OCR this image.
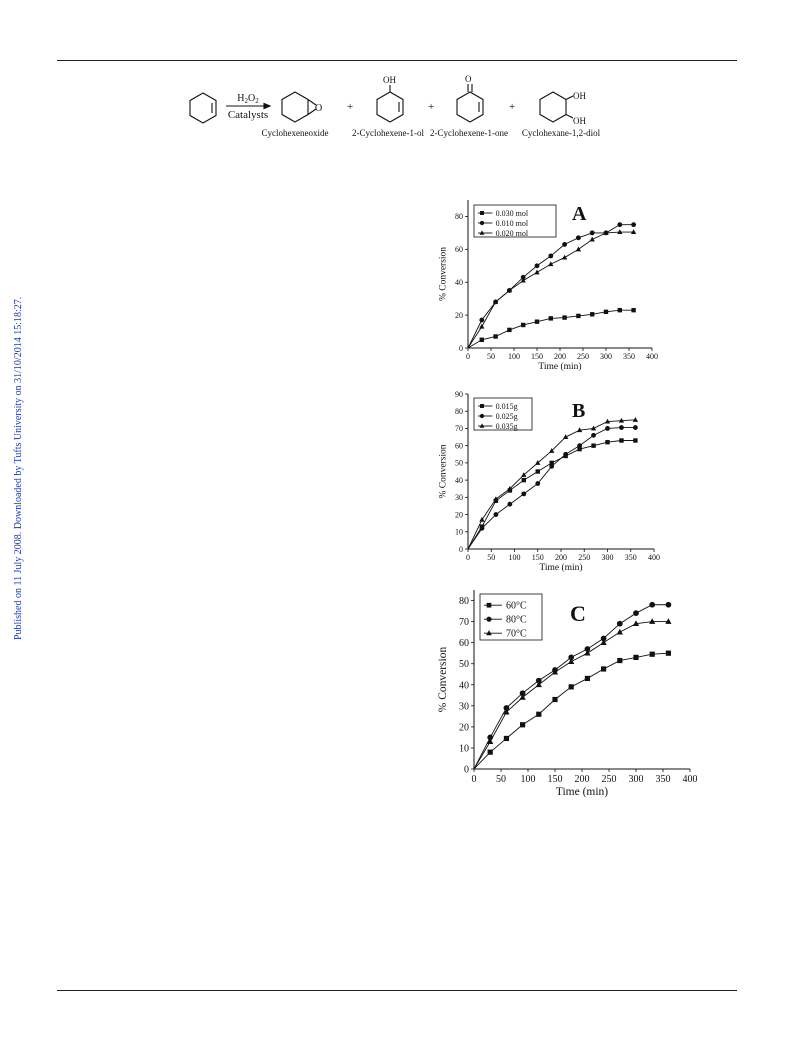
Published on 11 July 2008. Downloaded by Tufts University on 31/10/2014 15:18:27.
$H_2O_2$
Catalysts
O
OH	O
OH
OH
+	+	+
Cyclohexeneoxide	2-Cyclohexene-1-ol 2-Cyclohexene-1-one Cyclohexane-1,2-diol
0 50 100 150 200 250 300 350 400
0
20
40
60
80
Time (min)
% Conversion
A
0.030 mol
0.010 mol
0.020 mol
0 50 100 150 200 250 300 350 400
0
10
20
30
40
50
60
70
80
90
Time (min)
% Conversion
B
0.015g
0.025g
0.035g
0 50 100 150 200 250 300 350 400
0
10
20
30
40
50
60
70
80
Time (min)
% Conversion
C
60°C
80°C
70°C
